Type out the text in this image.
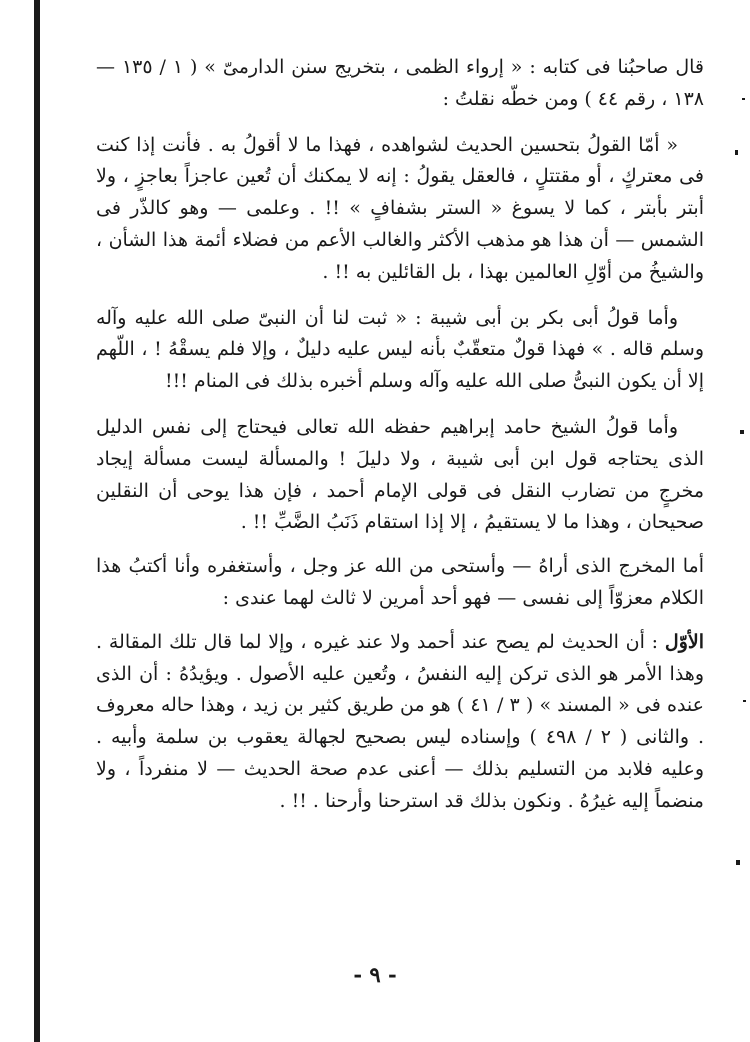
قال صاحبُنا فى كتابه : « إرواء الظمى ، بتخريج سنن الدارمىّ » ( ١ / ١٣٥ — ١٣٨ ، رقم ٤٤ ) ومن خطّه نقلتُ :

« أمّا القولُ بتحسين الحديث لشواهده ، فهذا ما لا أقولُ به . فأنت إذا كنت فى معتركٍ ، أو مقتتلٍ ، فالعقل يقولُ : إنه لا يمكنك أن تُعين عاجزاً بعاجزٍ ، ولا أبتر بأبتر ، كما لا يسوغ « الستر بشفافٍ » !! . وعلمى — وهو كالذّر فى الشمس — أن هذا هو مذهب الأكثر والغالب الأعم من فضلاء أئمة هذا الشأن ، والشيخُ من أوّلِ العالمين بهذا ، بل القائلين به !! .

وأما قولُ أبى بكر بن أبى شيبة : « ثبت لنا أن النبىّ صلى الله عليه وآله وسلم قاله . » فهذا قولٌ متعقّبٌ بأنه ليس عليه دليلٌ ، وإلا فلم يسقْهُ ! ، اللّهم إلا أن يكون النبىُّ صلى الله عليه وآله وسلم أخبره بذلك فى المنام !!!

وأما قولُ الشيخ حامد إبراهيم حفظه الله تعالى فيحتاج إلى نفس الدليل الذى يحتاجه قول ابن أبى شيبة ، ولا دليلَ ! والمسألة ليست مسألة إيجاد مخرجٍ من تضارب النقل فى قولى الإمام أحمد ، فإن هذا يوحى أن النقلين صحيحان ، وهذا ما لا يستقيمُ ، إلا إذا استقام ذَنَبُ الضَّبِّ !! .

أما المخرج الذى أراهُ — وأستحى من الله عز وجل ، وأستغفره وأنا أكتبُ هذا الكلام معزوّاً إلى نفسى — فهو أحد أمرين لا ثالث لهما عندى :

الأوّل : أن الحديث لم يصح عند أحمد ولا عند غيره ، وإلا لما قال تلك المقالة . وهذا الأمر هو الذى تركن إليه النفسُ ، وتُعين عليه الأصول . ويؤيدُهُ : أن الذى عنده فى « المسند » ( ٣ / ٤١ ) هو من طريق كثير بن زيد ، وهذا حاله معروف . والثانى ( ٢ / ٤٩٨ ) وإسناده ليس بصحيح لجهالة يعقوب بن سلمة وأبيه . وعليه فلابد من التسليم بذلك — أعنى عدم صحة الحديث — لا منفرداً ، ولا منضماً إليه غيرُهُ . ونكون بذلك قد استرحنا وأرحنا . !! .

- ٩ -
